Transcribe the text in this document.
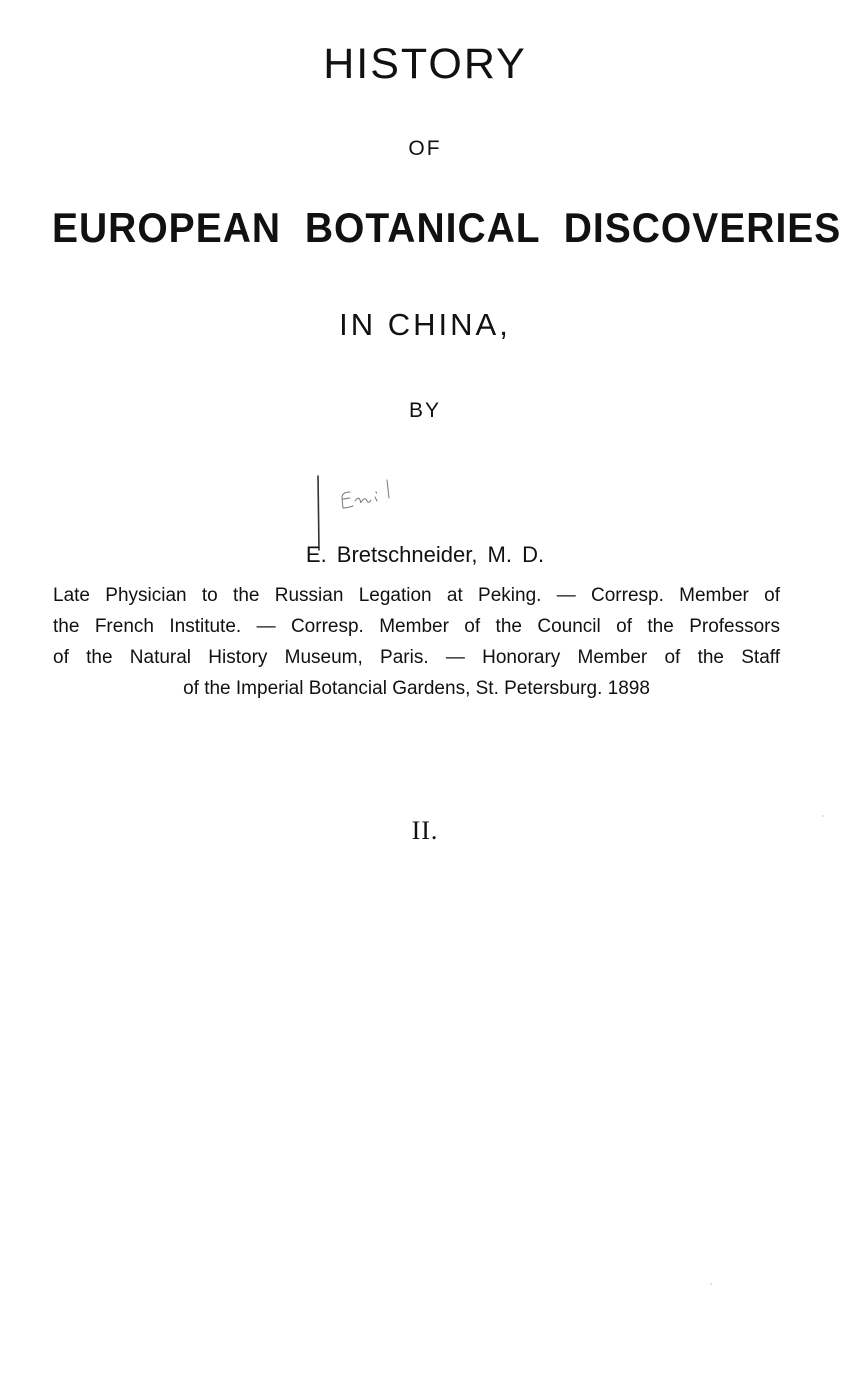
HISTORY
OF
EUROPEAN BOTANICAL DISCOVERIES
IN CHINA,
BY
E. Bretschneider, M. D.
Late Physician to the Russian Legation at Peking. — Corresp. Member of
the French Institute. — Corresp. Member of the Council of the Professors
of the Natural History Museum, Paris. — Honorary Member of the Staff
of the Imperial Botancial Gardens, St. Petersburg. 1898
II.
